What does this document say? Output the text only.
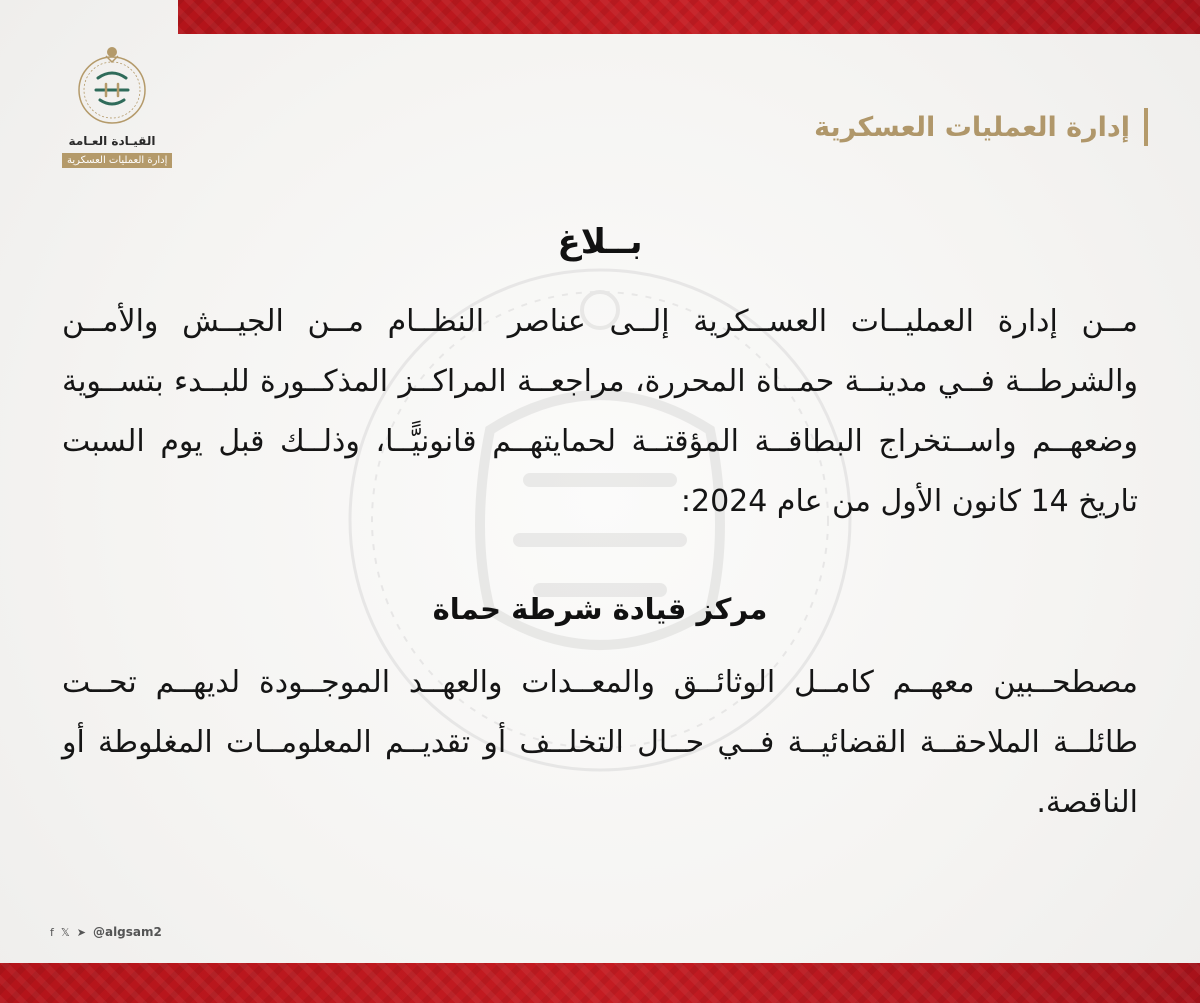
القيـادة العـامة
إدارة العمليات العسكرية
إدارة العمليات العسكرية
بــلاغ
مــن إدارة العمليــات العســكرية إلــى عناصر النظــام مــن الجيــش والأمــن والشرطــة فــي مدينــة حمــاة المحررة، مراجعــة المراكــز المذكــورة للبــدء بتســوية وضعهــم واســتخراج البطاقــة المؤقتــة لحمايتهــم قانونيًّــا، وذلــك قبل يوم السبت تاريخ 14 كانون الأول من عام 2024:
مركز قيادة شرطة حماة
مصطحــبين معهــم كامــل الوثائــق والمعــدات والعهــد الموجــودة لديهــم تحــت طائلــة الملاحقــة القضائيــة فــي حــال التخلــف أو تقديــم المعلومــات المغلوطة أو الناقصة.
f 𝕏 ➤ @algsam2
